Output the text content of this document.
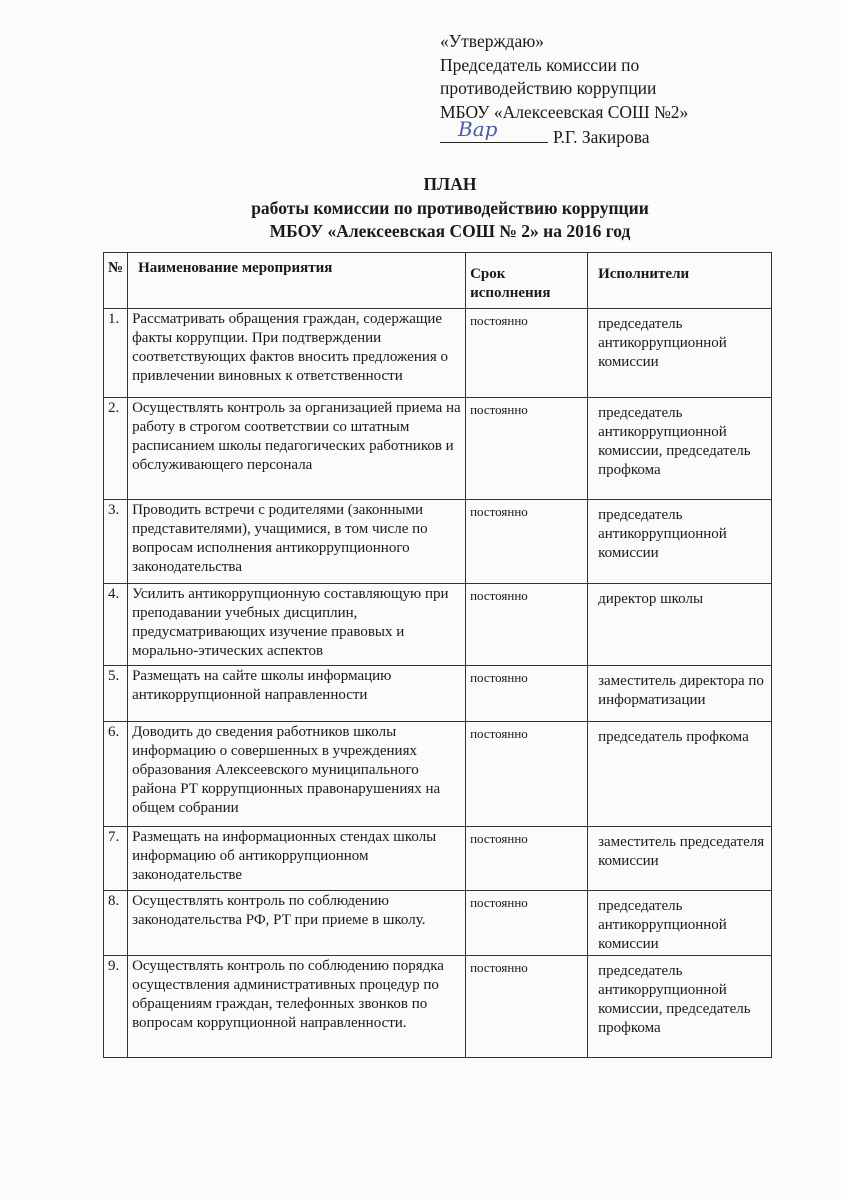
«Утверждаю»
Председатель комиссии по
противодействию коррупции
МБОУ «Алексеевская СОШ №2»
Вар	Р.Г. Закирова
ПЛАН
работы комиссии по противодействию коррупции
МБОУ «Алексеевская СОШ № 2» на 2016 год
№	Наименование мероприятия	Срок исполнения	Исполнители
1.	Рассматривать обращения граждан, содержащие факты коррупции. При подтверждении соответствующих фактов вносить предложения о привлечении виновных к ответственности	постоянно	председатель антикоррупционной комиссии
2.	Осуществлять контроль за организацией приема на работу в строгом соответствии со штатным расписанием школы педагогических работников и обслуживающего персонала	постоянно	председатель антикоррупционной комиссии, председатель профкома
3.	Проводить встречи с родителями (законными представителями), учащимися, в том числе по вопросам исполнения антикоррупционного законодательства	постоянно	председатель антикоррупционной комиссии
4.	Усилить антикоррупционную составляющую при преподавании учебных дисциплин, предусматривающих изучение правовых и морально-этических аспектов	постоянно	директор школы
5.	Размещать на сайте школы информацию антикоррупционной направленности	постоянно	заместитель директора по информатизации
6.	Доводить до сведения работников школы информацию о совершенных в учреждениях образования Алексеевского муниципального района РТ коррупционных правонарушениях на общем собрании	постоянно	председатель профкома
7.	Размещать на информационных стендах школы информацию об антикоррупционном законодательстве	постоянно	заместитель председателя комиссии
8.	Осуществлять контроль по соблюдению законодательства РФ, РТ при приеме в школу.	постоянно	председатель антикоррупционной комиссии
9.	Осуществлять контроль по соблюдению порядка осуществления административных процедур по обращениям граждан, телефонных звонков по вопросам коррупционной направленности.	постоянно	председатель антикоррупционной комиссии, председатель профкома
